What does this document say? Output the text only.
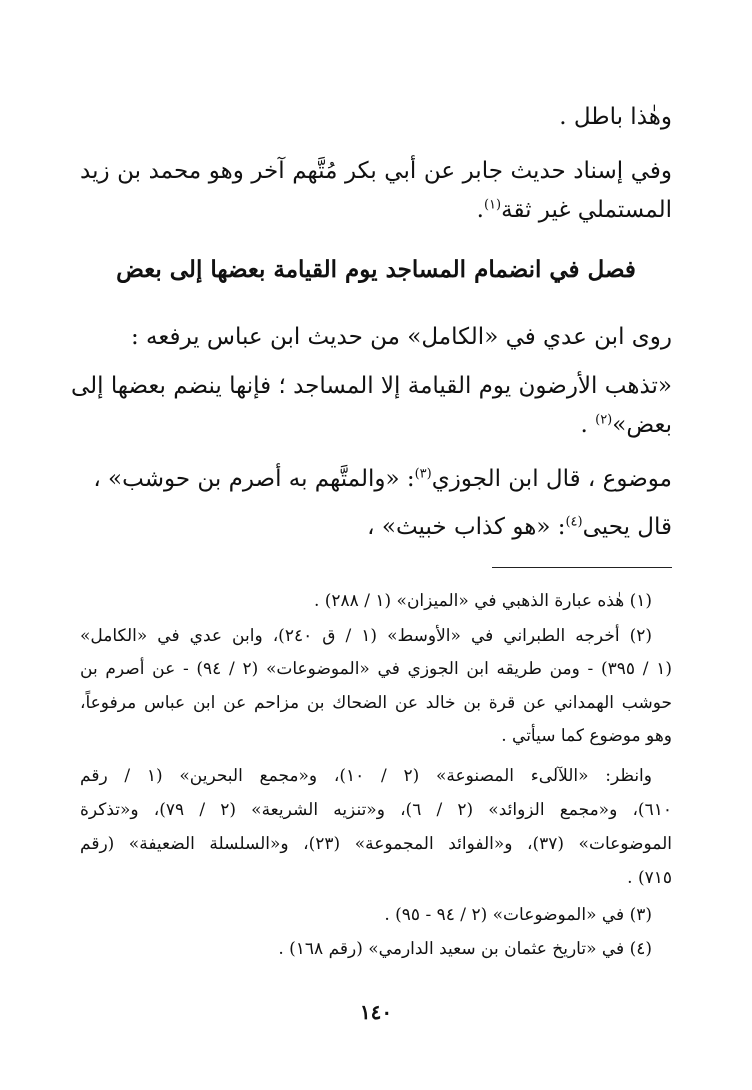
وهٰذا باطل .
وفي إسناد حديث جابر عن أبي بكر مُتَّهم آخر وهو محمد بن زيد
المستملي غير ثقة$^{(١)}$.
فصل في انضمام المساجد يوم القيامة بعضها إلى بعض
روى ابن عدي في «الكامل» من حديث ابن عباس يرفعه :
«تذهب الأرضون يوم القيامة إلا المساجد ؛ فإنها ينضم بعضها إلى
بعض»$^{(٢)}$ .
موضوع ، قال ابن الجوزي$^{(٣)}$: «والمتَّهم به أصرم بن حوشب» ،
قال يحيى$^{(٤)}$: «هو كذاب خبيث» ،
(١) هٰذه عبارة الذهبي في «الميزان» (١ / ٢٨٨) .
(٢) أخرجه الطبراني في «الأوسط» (١ / ق ٢٤٠)، وابن عدي في «الكامل»
(١ / ٣٩٥) - ومن طريقه ابن الجوزي في «الموضوعات» (٢ / ٩٤) - عن أصرم بن
حوشب الهمداني عن قرة بن خالد عن الضحاك بن مزاحم عن ابن عباس مرفوعاً،
وهو موضوع كما سيأتي .
وانظر: «اللآلىء المصنوعة» (٢ / ١٠)، و«مجمع البحرين» (١ / رقم
٦١٠)، و«مجمع الزوائد» (٢ / ٦)، و«تنزيه الشريعة» (٢ / ٧٩)، و«تذكرة
الموضوعات» (٣٧)، و«الفوائد المجموعة» (٢٣)، و«السلسلة الضعيفة» (رقم
٧١٥) .
(٣) في «الموضوعات» (٢ / ٩٤ - ٩٥) .
(٤) في «تاريخ عثمان بن سعيد الدارمي» (رقم ١٦٨) .
١٤٠
